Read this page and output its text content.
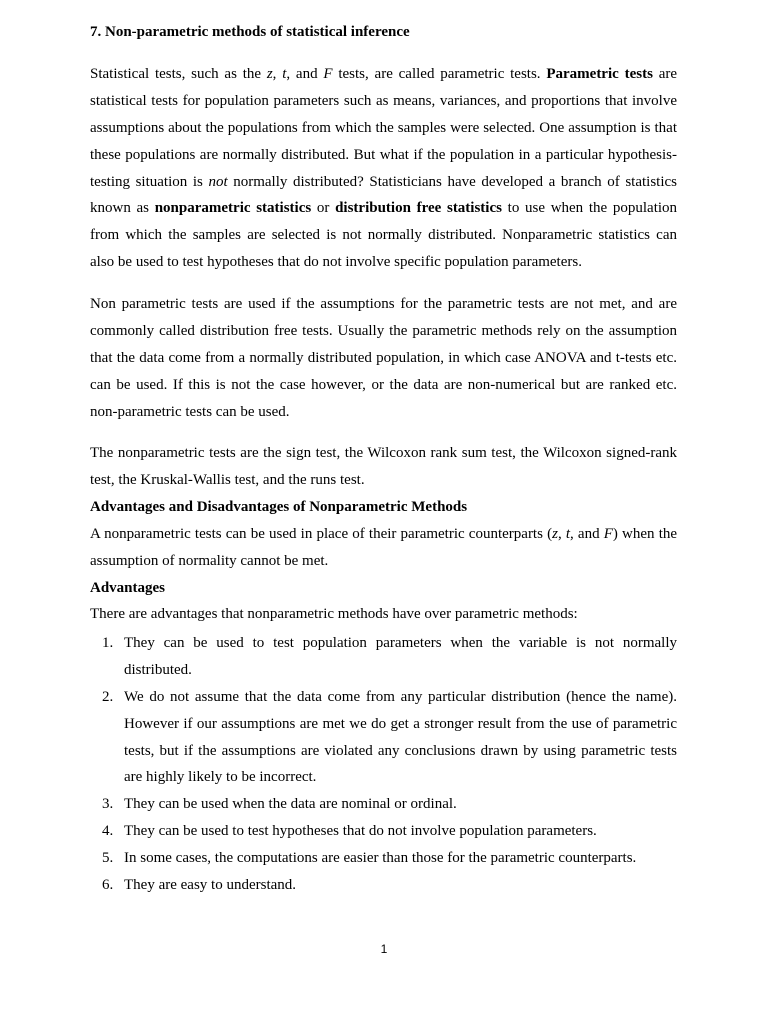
7. Non-parametric methods of statistical inference

Statistical tests, such as the z, t, and F tests, are called parametric tests. Parametric tests are
statistical tests for population parameters such as means, variances, and proportions that involve
assumptions about the populations from which the samples were selected. One assumption is that
these populations are normally distributed. But what if the population in a particular hypothesis-
testing situation is not normally distributed? Statisticians have developed a branch of statistics
known as nonparametric statistics or distribution free statistics to use when the population
from which the samples are selected is not normally distributed. Nonparametric statistics can
also be used to test hypotheses that do not involve specific population parameters.

Non parametric tests are used if the assumptions for the parametric tests are not met, and are
commonly called distribution free tests. Usually the parametric methods rely on the assumption
that the data come from a normally distributed population, in which case ANOVA and t-tests etc.
can be used. If this is not the case however, or the data are non-numerical but are ranked etc.
non-parametric tests can be used.

The nonparametric tests are the sign test, the Wilcoxon rank sum test, the Wilcoxon signed-rank
test, the Kruskal-Wallis test, and the runs test.

Advantages and Disadvantages of Nonparametric Methods

A nonparametric tests can be used in place of their parametric counterparts (z, t, and F) when the
assumption of normality cannot be met.

Advantages
There are advantages that nonparametric methods have over parametric methods:
1. They can be used to test population parameters when the variable is not normally
distributed.
2. We do not assume that the data come from any particular distribution (hence the name).
However if our assumptions are met we do get a stronger result from the use of parametric
tests, but if the assumptions are violated any conclusions drawn by using parametric tests
are highly likely to be incorrect.
3. They can be used when the data are nominal or ordinal.
4. They can be used to test hypotheses that do not involve population parameters.
5. In some cases, the computations are easier than those for the parametric counterparts.
6. They are easy to understand.
1
